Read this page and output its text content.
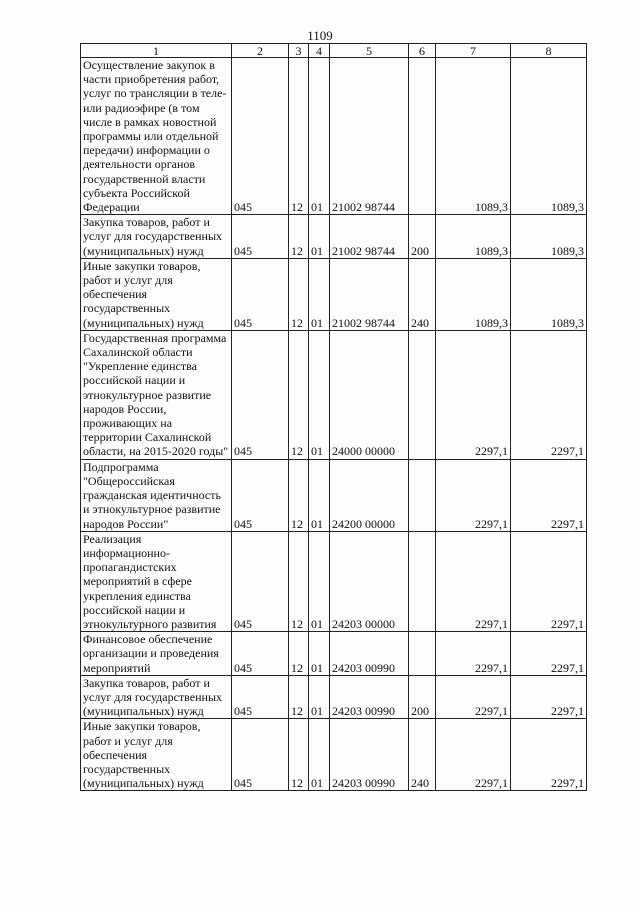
1109
1	2	3	4	5	6	7	8
Осуществление закупок в части приобретения работ, услуг по трансляции в теле- или радиоэфире (в том числе в рамках новостной программы или отдельной передачи) информации о деятельности органов государственной власти субъекта Российской Федерации	045	12	01	21002 98744		1089,3	1089,3
Закупка товаров, работ и услуг для государственных (муниципальных) нужд	045	12	01	21002 98744	200	1089,3	1089,3
Иные закупки товаров, работ и услуг для обеспечения государственных (муниципальных) нужд	045	12	01	21002 98744	240	1089,3	1089,3
Государственная программа Сахалинской области "Укрепление единства российской нации и этнокультурное развитие народов России, проживающих на территории Сахалинской области, на 2015-2020 годы"	045	12	01	24000 00000		2297,1	2297,1
Подпрограмма "Общероссийская гражданская идентичность и этнокультурное развитие народов России"	045	12	01	24200 00000		2297,1	2297,1
Реализация информационно-пропагандистских мероприятий в сфере укрепления единства российской нации и этнокультурного развития	045	12	01	24203 00000		2297,1	2297,1
Финансовое обеспечение организации и проведения мероприятий	045	12	01	24203 00990		2297,1	2297,1
Закупка товаров, работ и услуг для государственных (муниципальных) нужд	045	12	01	24203 00990	200	2297,1	2297,1
Иные закупки товаров, работ и услуг для обеспечения государственных (муниципальных) нужд	045	12	01	24203 00990	240	2297,1	2297,1
